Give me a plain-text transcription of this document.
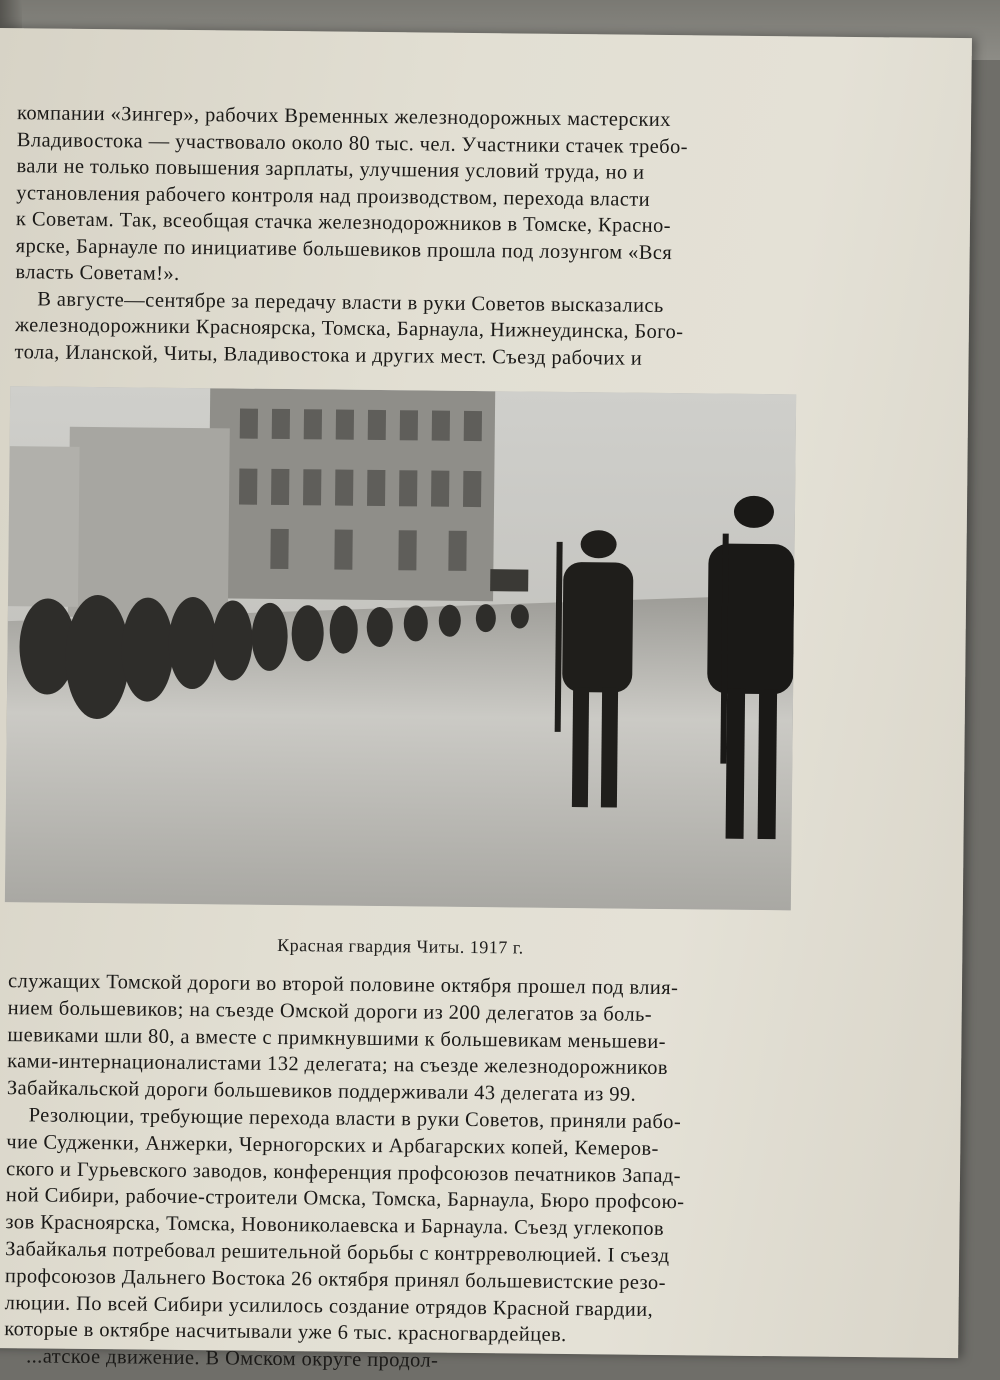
компании «Зингер», рабочих Временных железнодорожных мастерских
Владивостока — участвовало около 80 тыс. чел. Участники стачек требо-
вали не только повышения зарплаты, улучшения условий труда, но и
установления рабочего контроля над производством, перехода власти
к Советам. Так, всеобщая стачка железнодорожников в Томске, Красно-
ярске, Барнауле по инициативе большевиков прошла под лозунгом «Вся
власть Советам!».
В августе—сентябре за передачу власти в руки Советов высказались
железнодорожники Красноярска, Томска, Барнаула, Нижнеудинска, Бого-
тола, Иланской, Читы, Владивостока и других мест. Съезд рабочих и
Красная гвардия Читы. 1917 г.
служащих Томской дороги во второй половине октября прошел под влия-
нием большевиков; на съезде Омской дороги из 200 делегатов за боль-
шевиками шли 80, а вместе с примкнувшими к большевикам меньшеви-
ками-интернационалистами 132 делегата; на съезде железнодорожников
Забайкальской дороги большевиков поддерживали 43 делегата из 99.
Резолюции, требующие перехода власти в руки Советов, приняли рабо-
чие Судженки, Анжерки, Черногорских и Арбагарских копей, Кемеров-
ского и Гурьевского заводов, конференция профсоюзов печатников Запад-
ной Сибири, рабочие-строители Омска, Томска, Барнаула, Бюро профсою-
зов Красноярска, Томска, Новониколаевска и Барнаула. Съезд углекопов
Забайкалья потребовал решительной борьбы с контрреволюцией. I съезд
профсоюзов Дальнего Востока 26 октября принял большевистские резо-
люции. По всей Сибири усилилось создание отрядов Красной гвардии,
которые в октябре насчитывали уже 6 тыс. красногвардейцев.
...атское движение. В Омском округе продол-
